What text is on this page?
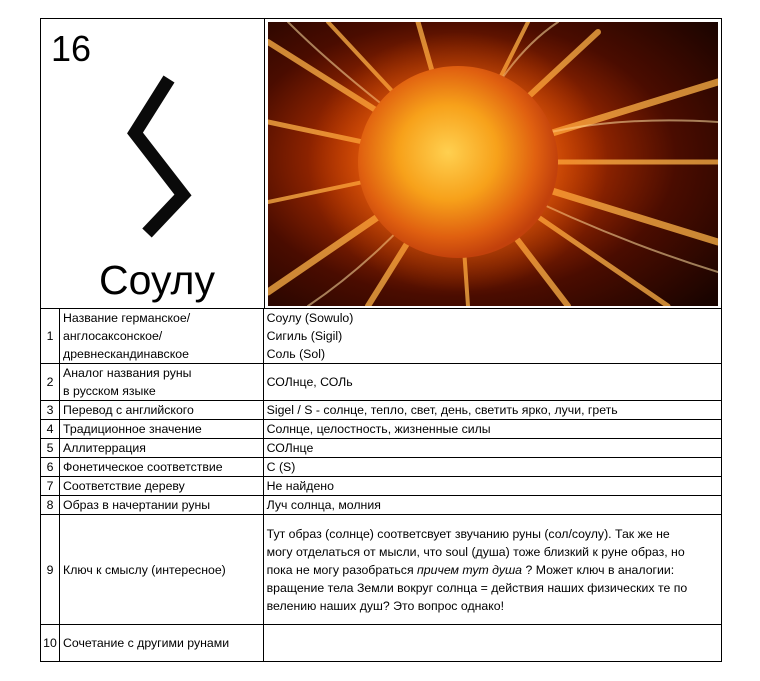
16
Соулу
1	Название германское/
англосаксонское/
древнескандинавское	Соулу (Sowulo)
Сигиль (Sigil)
Соль (Sol)

2	Аналог названия руны
в русском языке	СОЛнце, СОЛь
3	Перевод с английского	Sigel / S - солнце, тепло, свет, день, светить ярко, лучи, греть
4	Традиционное значение	Солнце, целостность, жизненные силы
5	Аллитеррация	СОЛнце
6	Фонетическое соответствие	С (S)
7	Соответствие дереву	Не найдено
8	Образ в начертании руны	Луч солнца, молния
9	Ключ к смыслу (интересное)	Тут образ (солнце) соответсвует звучанию руны (сол/соулу). Так же не
могу отделаться от мысли, что soul (душа) тоже близкий к руне образ, но
пока не могу разобраться причем тут душа ? Может ключ в аналогии:
вращение тела Земли вокруг солнца = действия наших физических те по
велению наших душ? Это вопрос однако!

10	Сочетание с другими рунами	
